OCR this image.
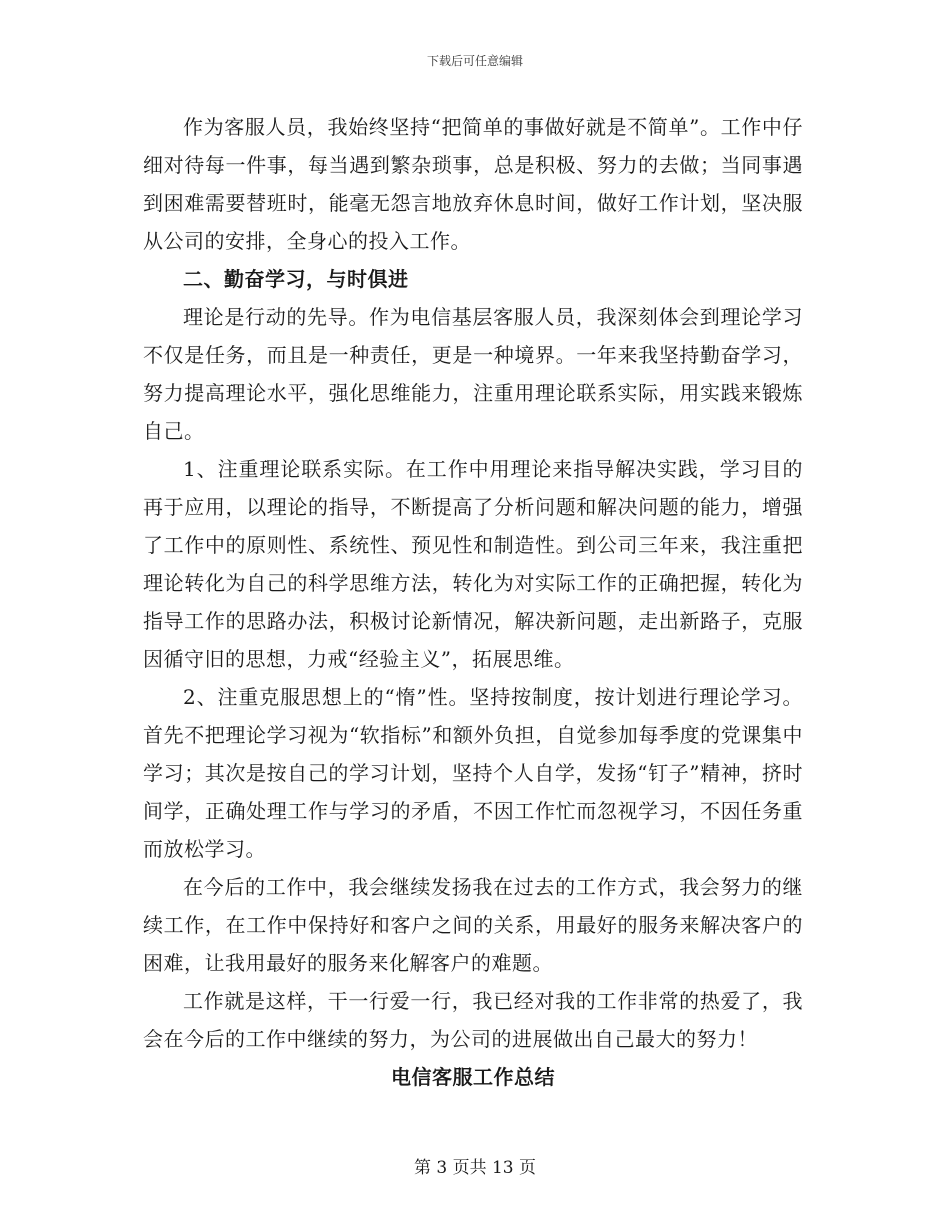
下载后可任意编辑

作为客服人员，我始终坚持“把简单的事做好就是不简单”。工作中仔细对待每一件事，每当遇到繁杂琐事，总是积极、努力的去做；当同事遇到困难需要替班时，能毫无怨言地放弃休息时间，做好工作计划，坚决服从公司的安排，全身心的投入工作。

二、勤奋学习，与时俱进

理论是行动的先导。作为电信基层客服人员，我深刻体会到理论学习不仅是任务，而且是一种责任，更是一种境界。一年来我坚持勤奋学习，努力提高理论水平，强化思维能力，注重用理论联系实际，用实践来锻炼自己。

1、注重理论联系实际。在工作中用理论来指导解决实践，学习目的再于应用，以理论的指导，不断提高了分析问题和解决问题的能力，增强了工作中的原则性、系统性、预见性和制造性。到公司三年来，我注重把理论转化为自己的科学思维方法，转化为对实际工作的正确把握，转化为指导工作的思路办法，积极讨论新情况，解决新问题，走出新路子，克服因循守旧的思想，力戒“经验主义”，拓展思维。

2、注重克服思想上的“惰”性。坚持按制度，按计划进行理论学习。首先不把理论学习视为“软指标”和额外负担，自觉参加每季度的党课集中学习；其次是按自己的学习计划，坚持个人自学，发扬“钉子”精神，挤时间学，正确处理工作与学习的矛盾，不因工作忙而忽视学习，不因任务重而放松学习。

在今后的工作中，我会继续发扬我在过去的工作方式，我会努力的继续工作，在工作中保持好和客户之间的关系，用最好的服务来解决客户的困难，让我用最好的服务来化解客户的难题。

工作就是这样，干一行爱一行，我已经对我的工作非常的热爱了，我会在今后的工作中继续的努力，为公司的进展做出自己最大的努力！

电信客服工作总结

第 3 页共 13 页
